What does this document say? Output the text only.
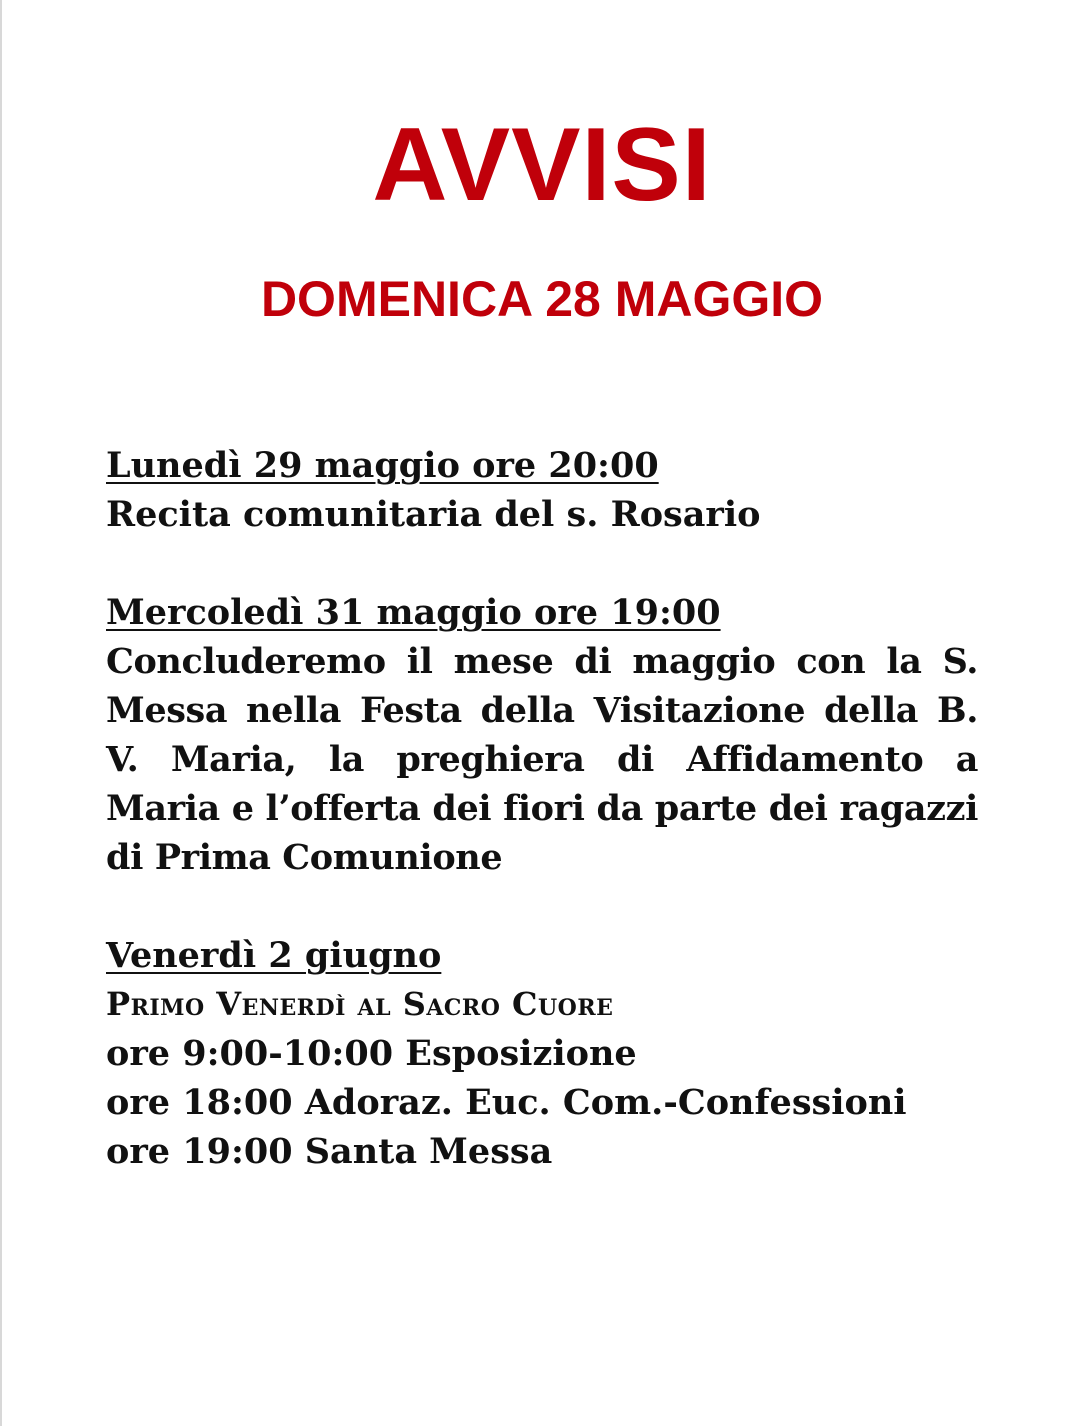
AVVISI
DOMENICA 28 MAGGIO
Lunedì 29 maggio ore 20:00
Recita comunitaria del s. Rosario
Mercoledì 31 maggio ore 19:00
Concluderemo il mese di maggio con la S. Messa nella Festa della Visitazione della B. V. Maria, la preghiera di Affidamento a Maria e l’offerta dei fiori da parte dei ragazzi di Prima Comunione
Venerdì 2 giugno
Primo Venerdì al Sacro Cuore
ore 9:00-10:00 Esposizione
ore 18:00 Adoraz. Euc. Com.-Confessioni
ore 19:00 Santa Messa
